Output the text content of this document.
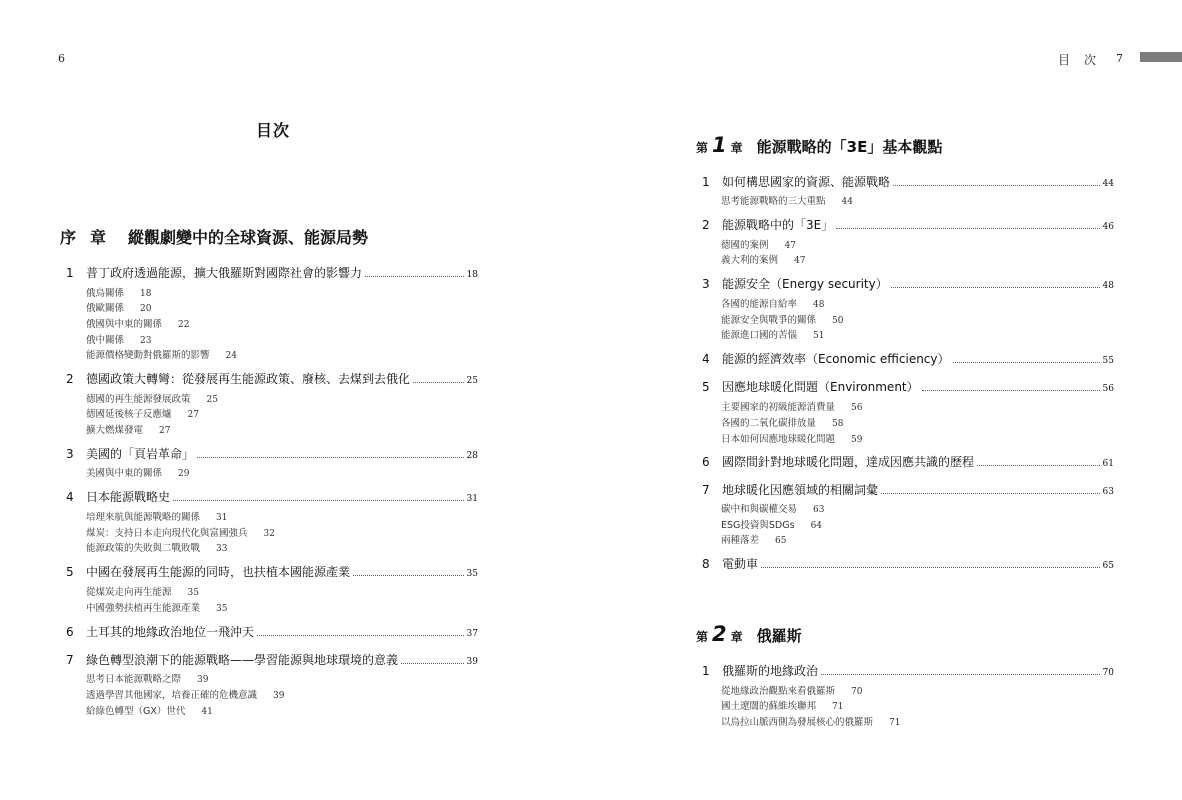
6	目次 7
目次
序 章 縱觀劇變中的全球資源、能源局勢
1	普丁政府透過能源，擴大俄羅斯對國際社會的影響力	18
俄烏關係 18
俄歐關係 20
俄國與中東的關係 22
俄中關係 23
能源價格變動對俄羅斯的影響 24
2	德國政策大轉彎：從發展再生能源政策、廢核、去煤到去俄化	25
德國的再生能源發展政策 25
德國延後核子反應爐 27
擴大燃煤發電 27
3	美國的「頁岩革命」	28
美國與中東的關係 29
4	日本能源戰略史	31
培理來航與能源戰略的關係 31
煤炭：支持日本走向現代化與富國強兵 32
能源政策的失敗與二戰敗戰 33
5	中國在發展再生能源的同時，也扶植本國能源產業	35
從煤炭走向再生能源 35
中國強勢扶植再生能源產業 35
6	土耳其的地緣政治地位一飛沖天	37
7	綠色轉型浪潮下的能源戰略——學習能源與地球環境的意義	39
思考日本能源戰略之際 39
透過學習其他國家，培養正確的危機意識 39
給綠色轉型（GX）世代 41
第 1 章 能源戰略的「3E」基本觀點
1	如何構思國家的資源、能源戰略	44
思考能源戰略的三大重點 44
2	能源戰略中的「3E」	46
德國的案例 47
義大利的案例 47
3	能源安全（Energy security）	48
各國的能源自給率 48
能源安全與戰爭的關係 50
能源進口國的苦惱 51
4	能源的經濟效率（Economic efficiency）	55
5	因應地球暖化問題（Environment）	56
主要國家的初級能源消費量 56
各國的二氧化碳排放量 58
日本如何因應地球暖化問題 59
6	國際間針對地球暖化問題，達成因應共識的歷程	61
7	地球暖化因應領域的相關詞彙	63
碳中和與碳權交易 63
ESG投資與SDGs 64
兩種落差 65
8	電動車	65
第 2 章 俄羅斯
1	俄羅斯的地緣政治	70
從地緣政治觀點來看俄羅斯 70
國土遼闊的蘇維埃聯邦 71
以烏拉山脈西側為發展核心的俄羅斯 71
